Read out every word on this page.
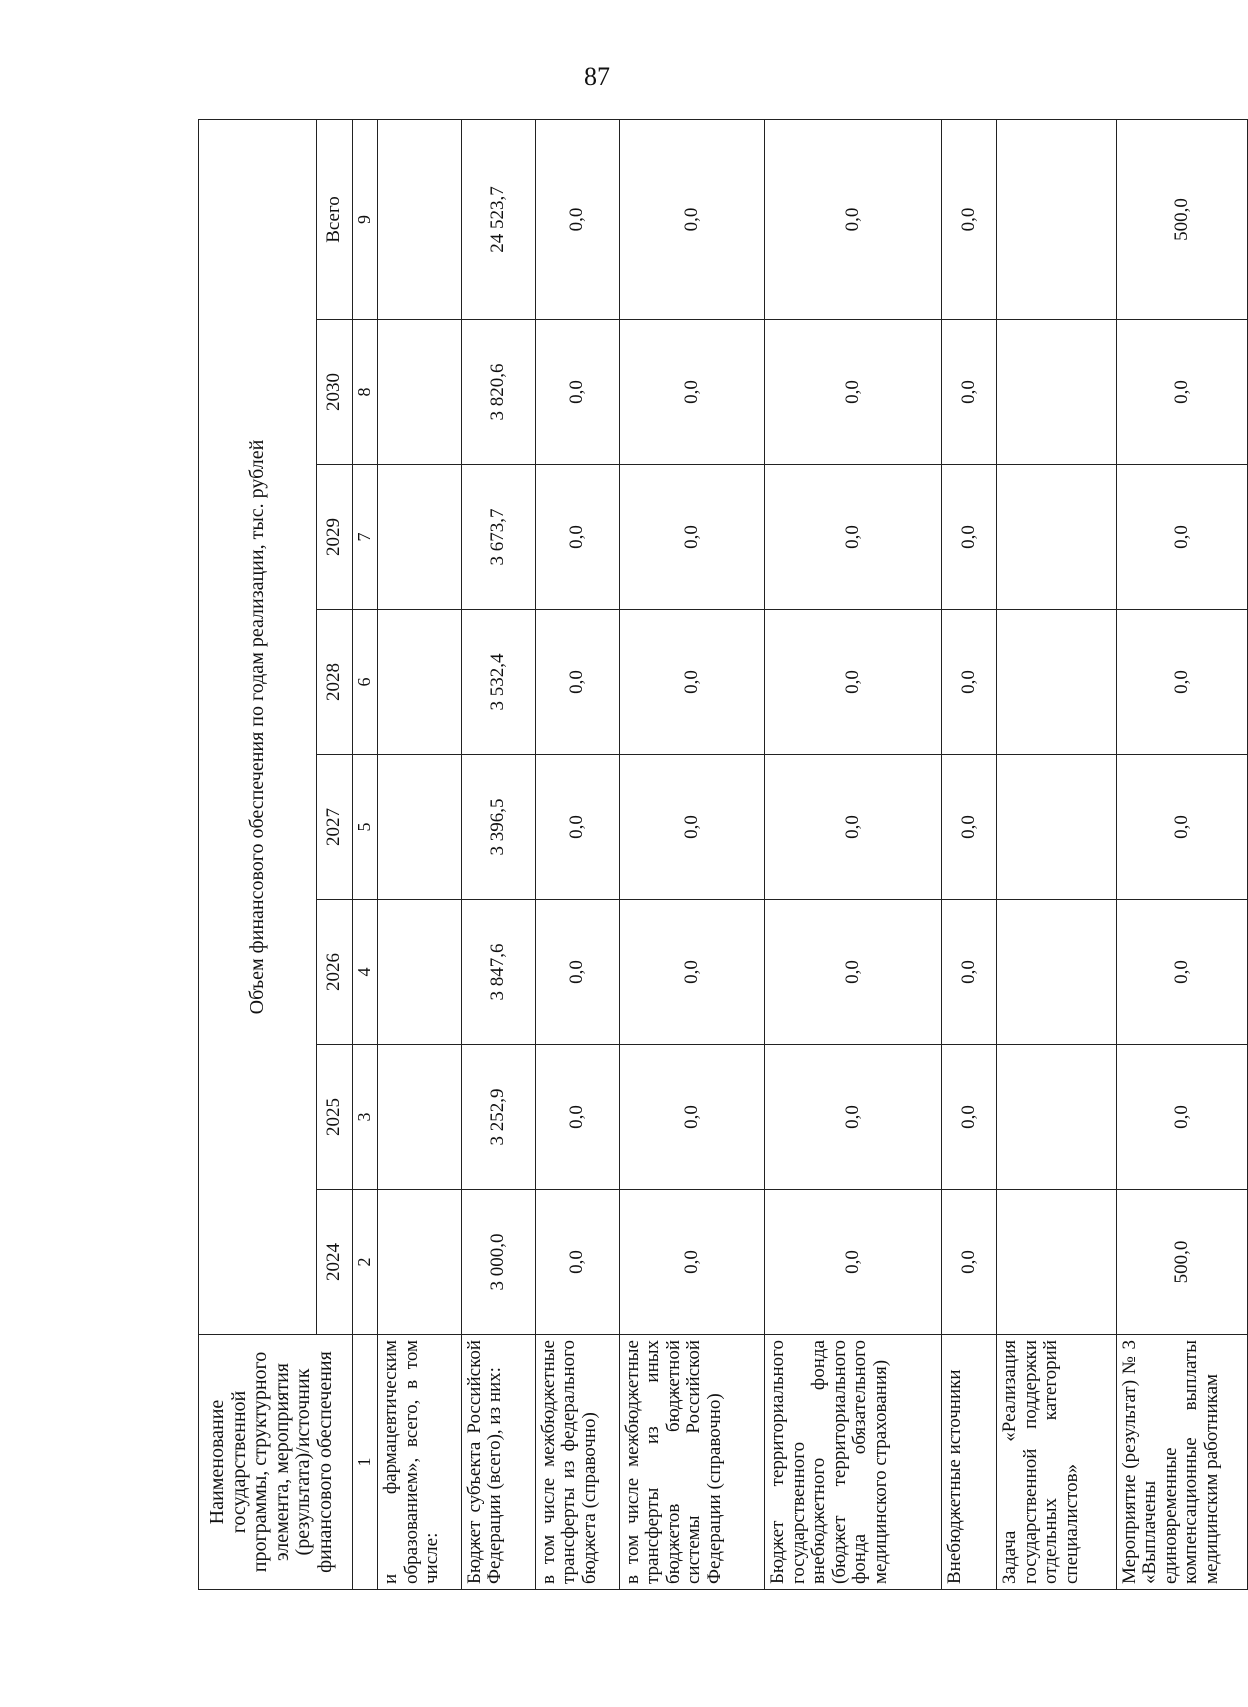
87
Наименование государственной программы, структурного элемента, мероприятия (результата)/источник финансового обеспечения	Объем финансового обеспечения по годам реализации, тыс. рублей							
	2024	2025	2026	2027	2028	2029	2030	Всего
1	2	3	4	5	6	7	8	9
и фармацевтическим образованием», всего, в том числе:								
Бюджет субъекта Российской Федерации (всего), из них:	3 000,0	3 252,9	3 847,6	3 396,5	3 532,4	3 673,7	3 820,6	24 523,7
в том числе межбюджетные трансферты из федерального бюджета (справочно)	0,0	0,0	0,0	0,0	0,0	0,0	0,0	0,0
в том числе межбюджетные трансферты из иных бюджетов бюджетной системы Российской Федерации (справочно)	0,0	0,0	0,0	0,0	0,0	0,0	0,0	0,0
Бюджет территориального государственного внебюджетного фонда (бюджет территориального фонда обязательного медицинского страхования)	0,0	0,0	0,0	0,0	0,0	0,0	0,0	0,0
Внебюджетные источники	0,0	0,0	0,0	0,0	0,0	0,0	0,0	0,0
Задача «Реализация государственной поддержки отдельных категорий специалистов»								
Мероприятие (результат) № 3 «Выплачены единовременные компенсационные выплаты медицинским работникам	500,0	0,0	0,0	0,0	0,0	0,0	0,0	500,0
